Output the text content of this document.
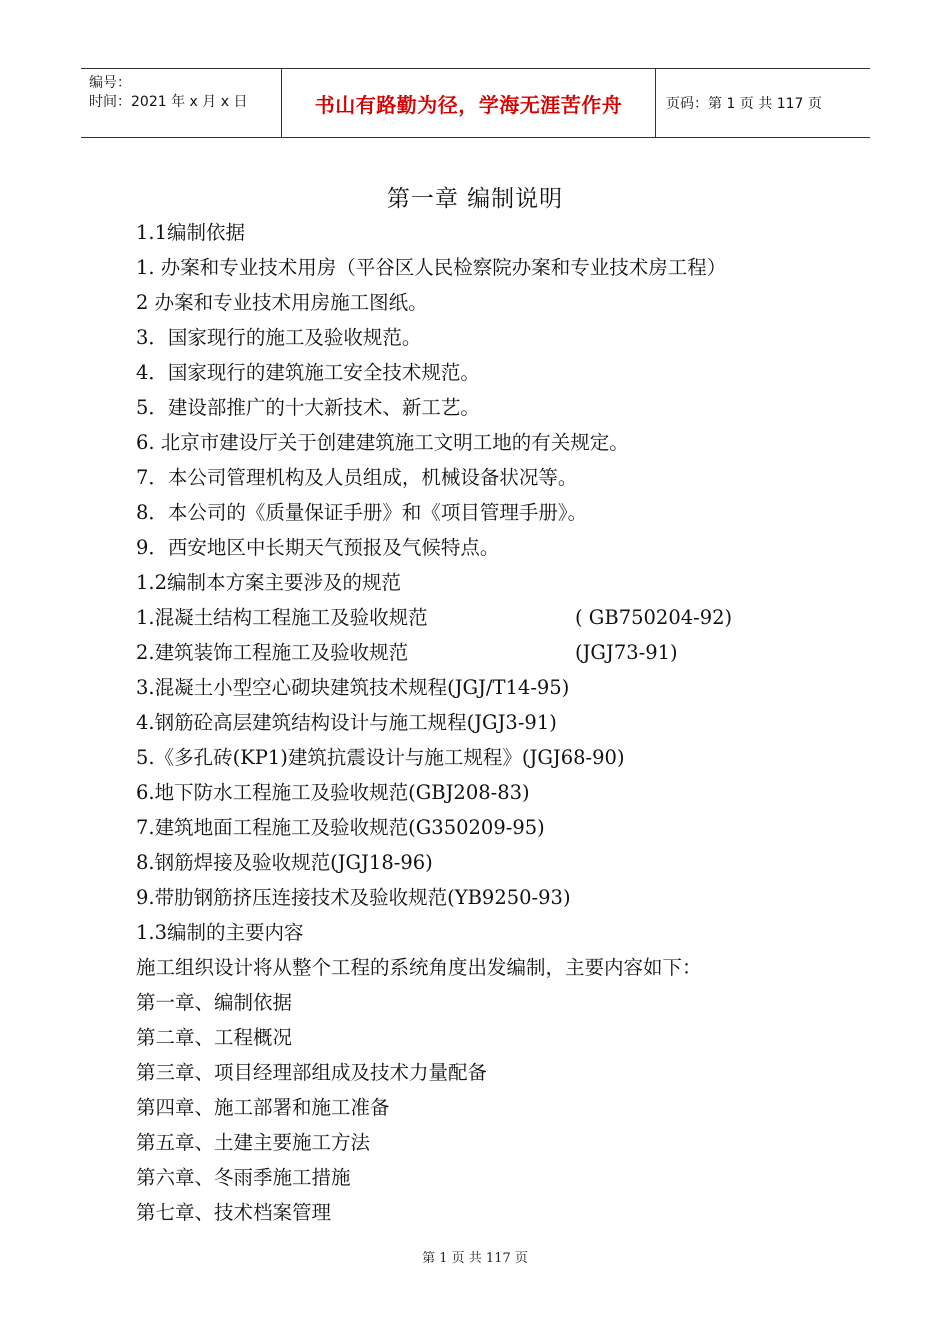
编号：
时间：2021 年 x 月 x 日	书山有路勤为径，学海无涯苦作舟	页码：第 1 页 共 117 页
第一章 编制说明
1.1编制依据
1. 办案和专业技术用房（平谷区人民检察院办案和专业技术房工程）
2 办案和专业技术用房施工图纸。
3．国家现行的施工及验收规范。
4．国家现行的建筑施工安全技术规范。
5．建设部推广的十大新技术、新工艺。
6. 北京市建设厅关于创建建筑施工文明工地的有关规定。
7．本公司管理机构及人员组成，机械设备状况等。
8．本公司的《质量保证手册》和《项目管理手册》。
9．西安地区中长期天气预报及气候特点。
1.2编制本方案主要涉及的规范
1.混凝土结构工程施工及验收规范	( GB750204-92)
2.建筑装饰工程施工及验收规范	(JGJ73-91)
3.混凝土小型空心砌块建筑技术规程(JGJ/T14-95)
4.钢筋砼高层建筑结构设计与施工规程(JGJ3-91)
5.《多孔砖(KP1)建筑抗震设计与施工规程》(JGJ68-90)
6.地下防水工程施工及验收规范(GBJ208-83)
7.建筑地面工程施工及验收规范(G350209-95)
8.钢筋焊接及验收规范(JGJ18-96)
9.带肋钢筋挤压连接技术及验收规范(YB9250-93)
1.3编制的主要内容
施工组织设计将从整个工程的系统角度出发编制，主要内容如下：
第一章、编制依据
第二章、工程概况
第三章、项目经理部组成及技术力量配备
第四章、施工部署和施工准备
第五章、土建主要施工方法
第六章、冬雨季施工措施
第七章、技术档案管理
第 1 页 共 117 页
